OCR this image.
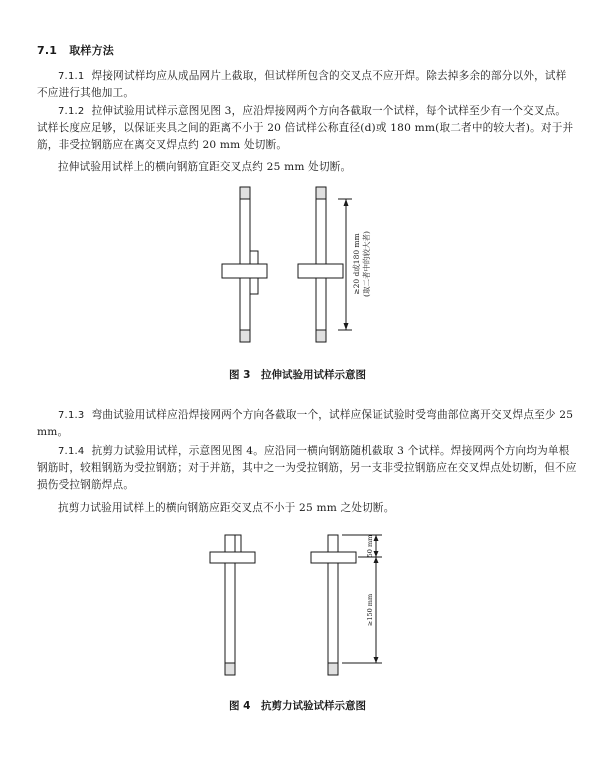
7.1 取样方法

7.1.1 焊接网试样均应从成品网片上截取，但试样所包含的交叉点不应开焊。除去掉多余的部分以外，试样不应进行其他加工。

7.1.2 拉伸试验用试样示意图见图 3，应沿焊接网两个方向各截取一个试样，每个试样至少有一个交叉点。试样长度应足够，以保证夹具之间的距离不小于 20 倍试样公称直径(d)或 180 mm(取二者中的较大者)。对于并筋，非受拉钢筋应在离交叉焊点约 20 mm 处切断。

拉伸试验用试样上的横向钢筋宜距交叉点约 25 mm 处切断。

≥20 d或180 mm (取二者中的较大者)
50 mm
≥150 mm
图 3　拉伸试验用试样示意图

7.1.3 弯曲试验用试样应沿焊接网两个方向各截取一个，试样应保证试验时受弯曲部位离开交叉焊点至少 25 mm。

7.1.4 抗剪力试验用试样，示意图见图 4。应沿同一横向钢筋随机截取 3 个试样。焊接网两个方向均为单根钢筋时，较粗钢筋为受拉钢筋；对于并筋，其中之一为受拉钢筋，另一支非受拉钢筋应在交叉焊点处切断，但不应损伤受拉钢筋焊点。

抗剪力试验用试样上的横向钢筋应距交叉点不小于 25 mm 之处切断。

图 4　抗剪力试验试样示意图
